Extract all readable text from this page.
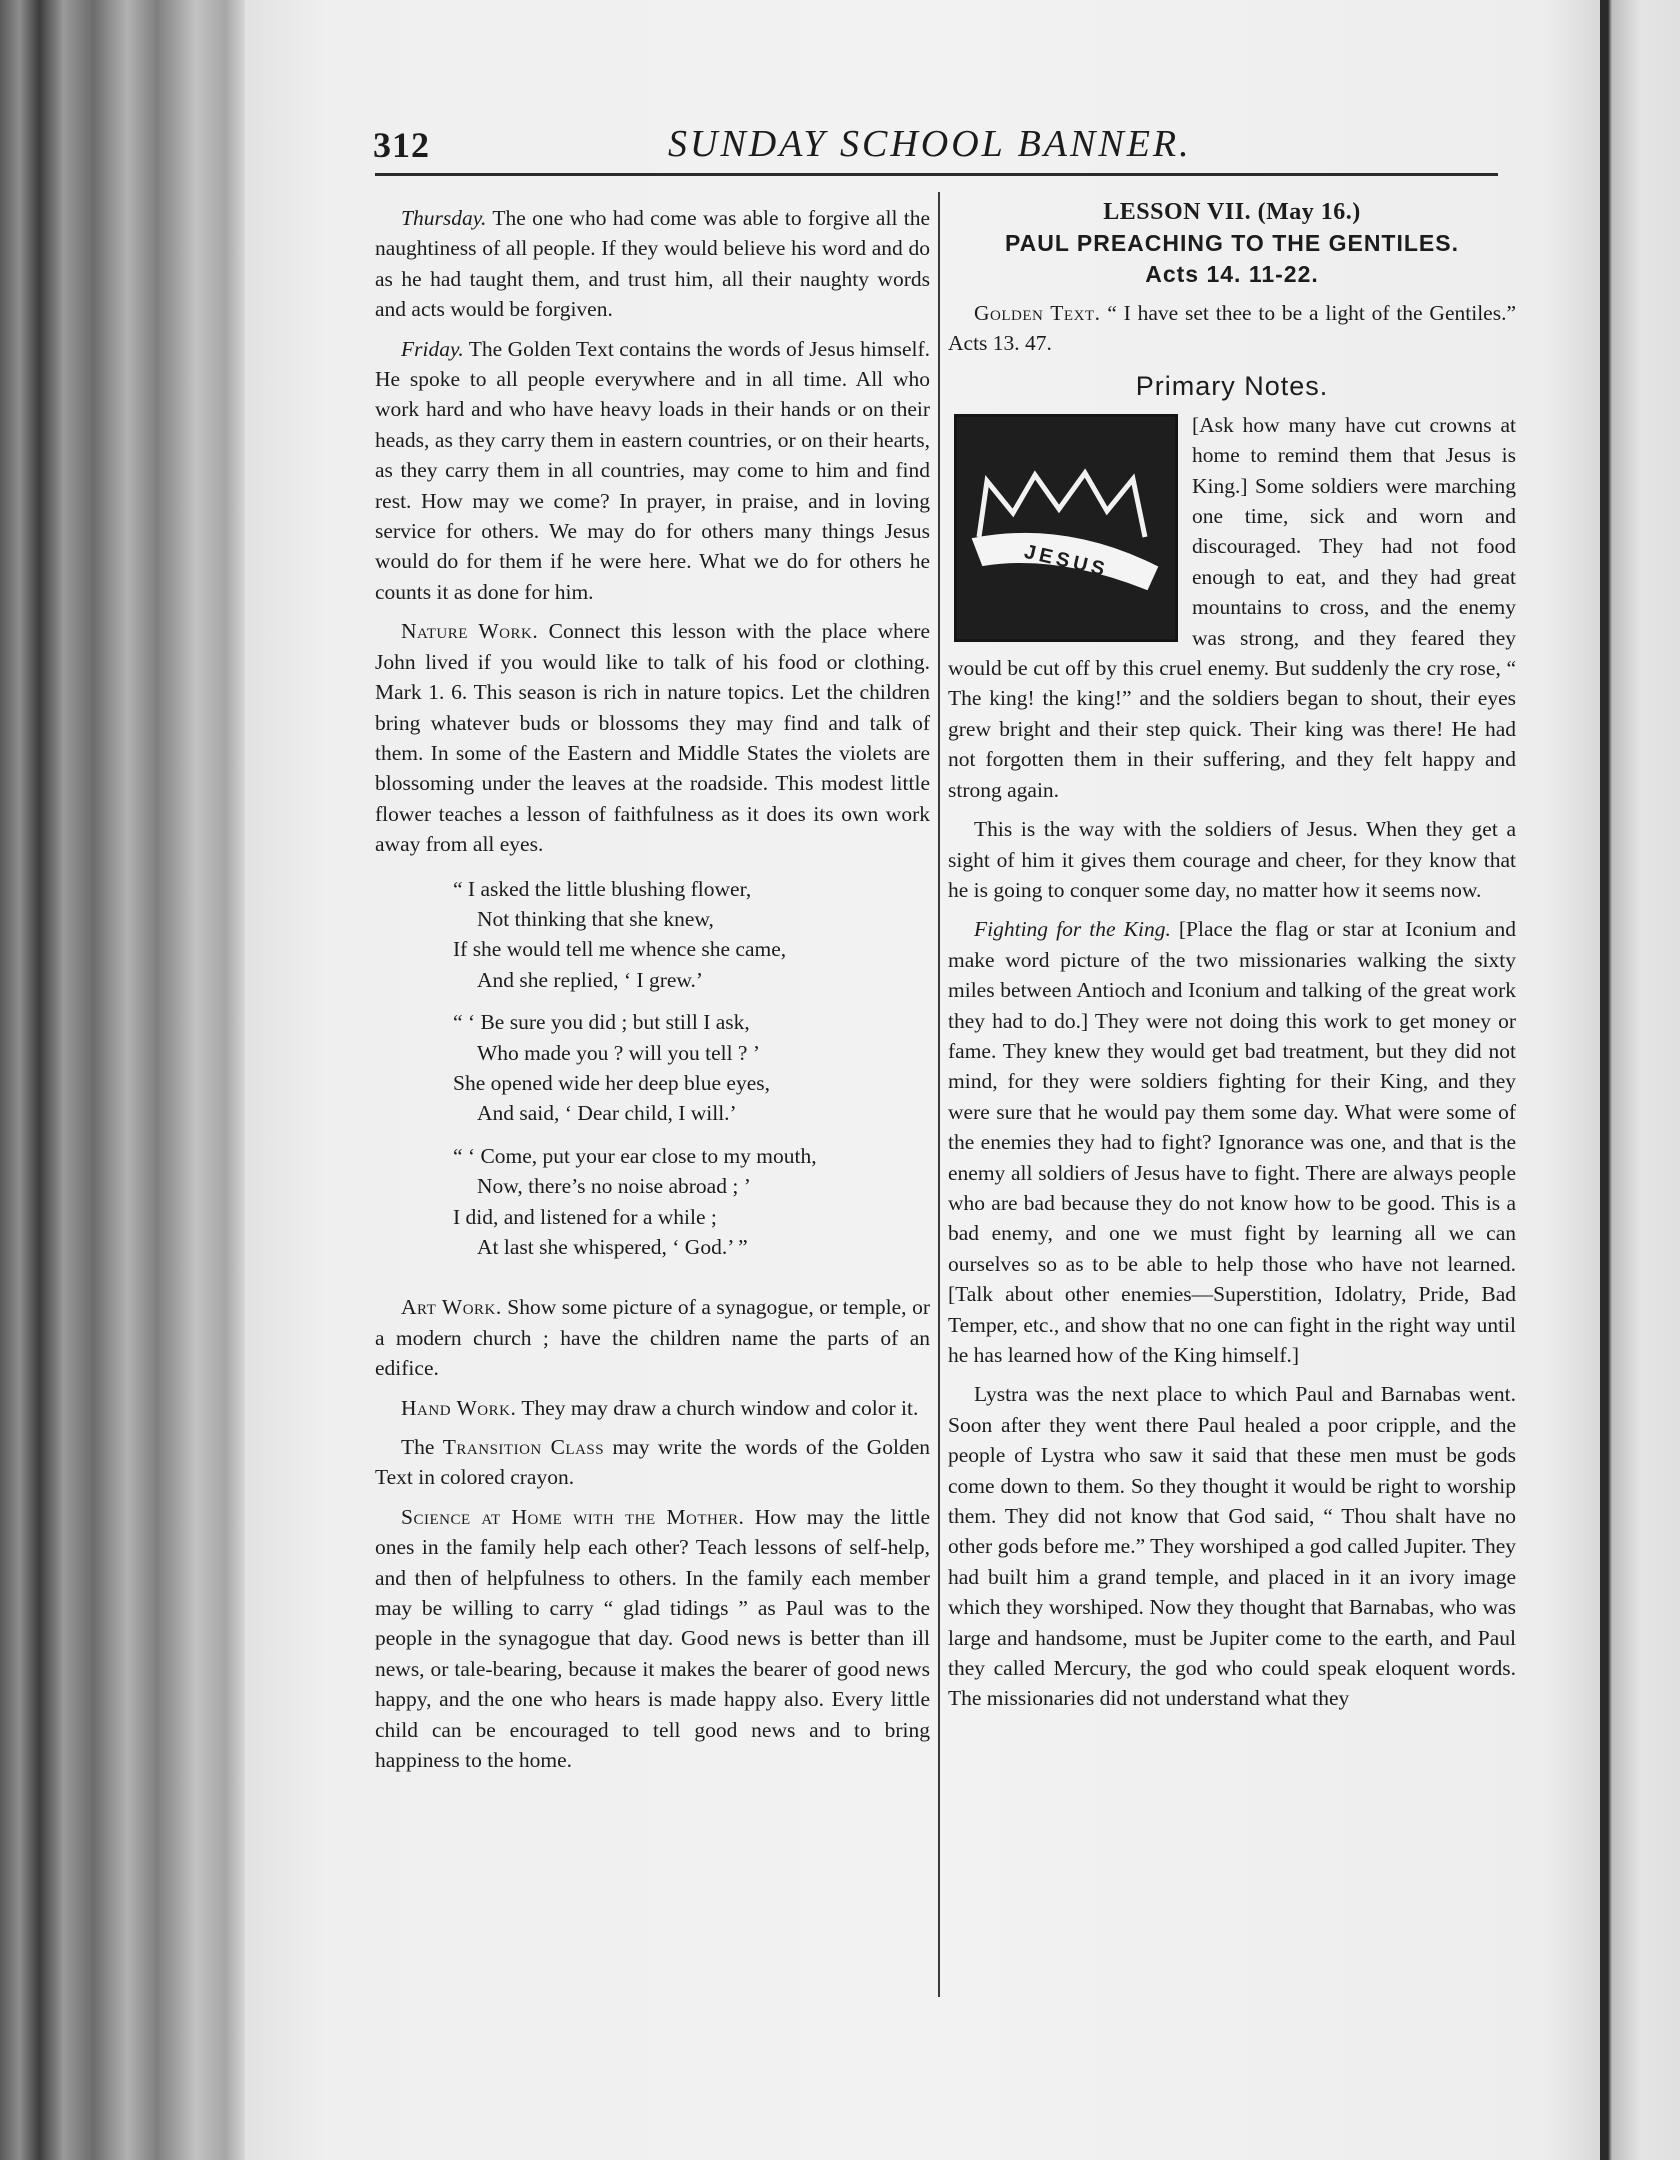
312	SUNDAY SCHOOL BANNER.

Thursday. The one who had come was able to forgive all the naughtiness of all people. If they would believe his word and do as he had taught them, and trust him, all their naughty words and acts would be forgiven.

Friday. The Golden Text contains the words of Jesus himself. He spoke to all people everywhere and in all time. All who work hard and who have heavy loads in their hands or on their heads, as they carry them in eastern countries, or on their hearts, as they carry them in all countries, may come to him and find rest. How may we come? In prayer, in praise, and in loving service for others. We may do for others many things Jesus would do for them if he were here. What we do for others he counts it as done for him.

Nature Work. Connect this lesson with the place where John lived if you would like to talk of his food or clothing. Mark 1. 6. This season is rich in nature topics. Let the children bring whatever buds or blossoms they may find and talk of them. In some of the Eastern and Middle States the violets are blossoming under the leaves at the roadside. This modest little flower teaches a lesson of faithfulness as it does its own work away from all eyes.

“ I asked the little blushing flower,
Not thinking that she knew,
If she would tell me whence she came,
And she replied, ‘ I grew.’
“ ‘ Be sure you did ; but still I ask,
Who made you ? will you tell ? ’
She opened wide her deep blue eyes,
And said, ‘ Dear child, I will.’
“ ‘ Come, put your ear close to my mouth,
Now, there’s no noise abroad ; ’
I did, and listened for a while ;
At last she whispered, ‘ God.’ ”

Art Work. Show some picture of a synagogue, or temple, or a modern church ; have the children name the parts of an edifice.

Hand Work. They may draw a church window and color it.

The Transition Class may write the words of the Golden Text in colored crayon.

Science at Home with the Mother. How may the little ones in the family help each other? Teach lessons of self-help, and then of helpfulness to others. In the family each member may be willing to carry “ glad tidings ” as Paul was to the people in the synagogue that day. Good news is better than ill news, or tale-bearing, because it makes the bearer of good news happy, and the one who hears is made happy also. Every little child can be encouraged to tell good news and to bring happiness to the home.

LESSON VII. (May 16.)
PAUL PREACHING TO THE GENTILES.
Acts 14. 11-22.

Golden Text. “ I have set thee to be a light of the Gentiles.” Acts 13. 47.

Primary Notes.

JESUS
[Ask how many have cut crowns at home to remind them that Jesus is King.] Some soldiers were marching one time, sick and worn and discouraged. They had not food enough to eat, and they had great mountains to cross, and the enemy was strong, and they feared they would be cut off by this cruel enemy. But suddenly the cry rose, “ The king! the king!” and the soldiers began to shout, their eyes grew bright and their step quick. Their king was there! He had not forgotten them in their suffering, and they felt happy and strong again.

This is the way with the soldiers of Jesus. When they get a sight of him it gives them courage and cheer, for they know that he is going to conquer some day, no matter how it seems now.

Fighting for the King. [Place the flag or star at Iconium and make word picture of the two missionaries walking the sixty miles between Antioch and Iconium and talking of the great work they had to do.] They were not doing this work to get money or fame. They knew they would get bad treatment, but they did not mind, for they were soldiers fighting for their King, and they were sure that he would pay them some day. What were some of the enemies they had to fight? Ignorance was one, and that is the enemy all soldiers of Jesus have to fight. There are always people who are bad because they do not know how to be good. This is a bad enemy, and one we must fight by learning all we can ourselves so as to be able to help those who have not learned. [Talk about other enemies—Superstition, Idolatry, Pride, Bad Temper, etc., and show that no one can fight in the right way until he has learned how of the King himself.]

Lystra was the next place to which Paul and Barnabas went. Soon after they went there Paul healed a poor cripple, and the people of Lystra who saw it said that these men must be gods come down to them. So they thought it would be right to worship them. They did not know that God said, “ Thou shalt have no other gods before me.” They worshiped a god called Jupiter. They had built him a grand temple, and placed in it an ivory image which they worshiped. Now they thought that Barnabas, who was large and handsome, must be Jupiter come to the earth, and Paul they called Mercury, the god who could speak eloquent words. The missionaries did not understand what they
